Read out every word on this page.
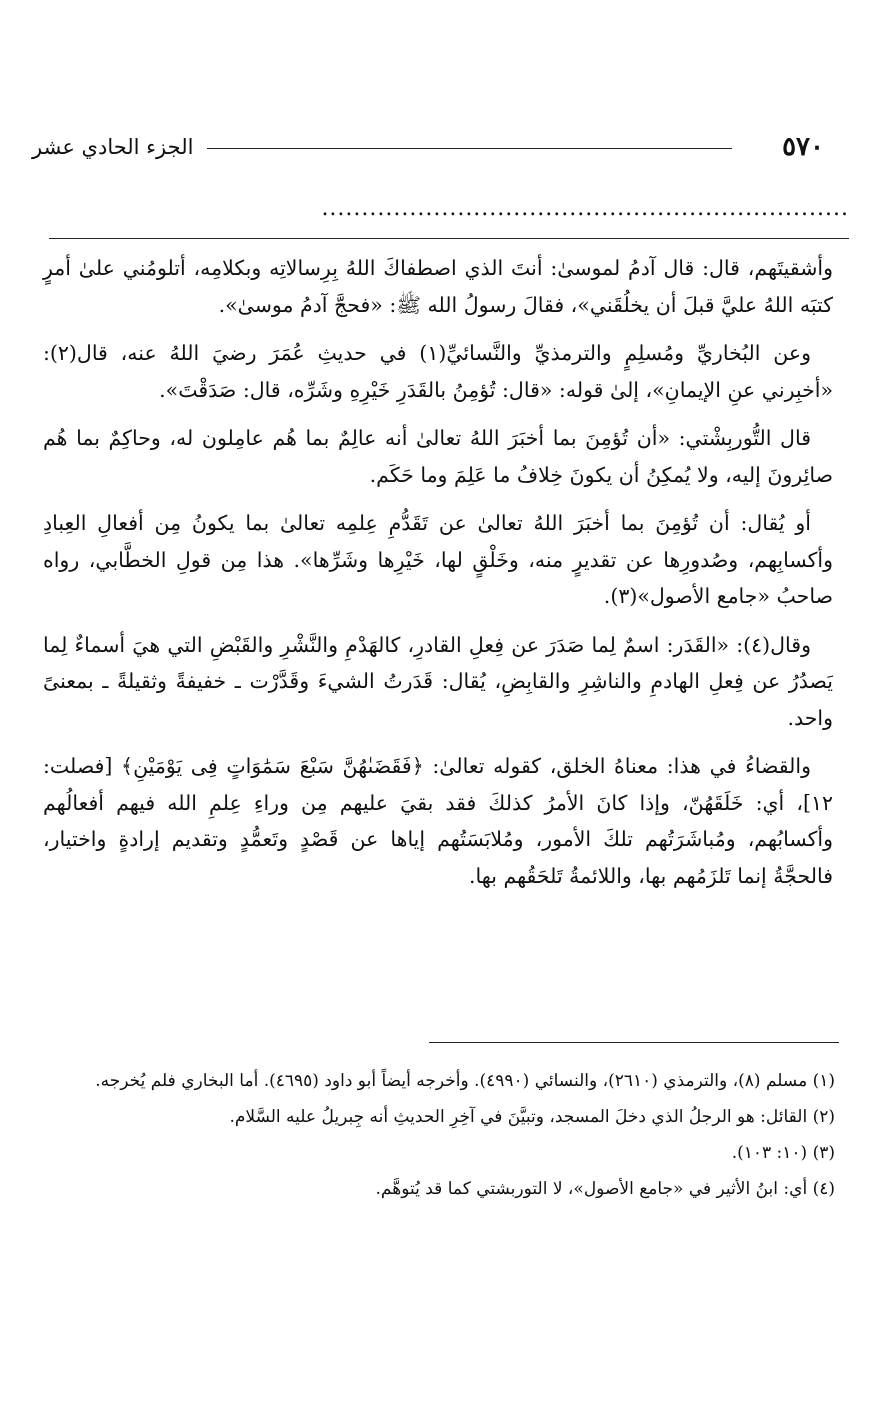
٥٧٠
الجزء الحادي عشر
..................................................................

وأشقيتَهم، قال: قال آدمُ لموسىٰ: أنتَ الذي اصطفاكَ اللهُ بِرِسالاتِه وبكلامِه، أتلومُني علىٰ أمرٍ كتبَه اللهُ عليَّ قبلَ أن يخلُقَني»، فقالَ رسولُ الله ﷺ: «فحجَّ آدمُ موسىٰ».

وعن البُخاريِّ ومُسلِمٍ والترمذيِّ والنَّسائيِّ(١) في حديثِ عُمَرَ رضيَ اللهُ عنه، قال(٢): «أخبِرني عنِ الإيمانِ»، إلىٰ قوله: «قال: تُؤمِنُ بالقَدَرِ خَيْرِهِ وشَرِّه، قال: صَدَقْتَ».

قال التُّوربِشْتي: «أن تُؤمِنَ بما أخبَرَ اللهُ تعالىٰ أنه عالِمٌ بما هُم عامِلون له، وحاكِمٌ بما هُم صائِرونَ إليه، ولا يُمكِنُ أن يكونَ خِلافُ ما عَلِمَ وما حَكَم.

أو يُقال: أن تُؤمِنَ بما أخبَرَ اللهُ تعالىٰ عن تَقَدُّمِ عِلمِه تعالىٰ بما يكونُ مِن أفعالِ العِبادِ وأكسابِهم، وصُدورِها عن تقديرٍ منه، وخَلْقٍ لها، خَيْرِها وشَرِّها». هذا مِن قولِ الخطَّابي، رواه صاحبُ «جامع الأصول»(٣).

وقال(٤): «القَدَر: اسمٌ لِما صَدَرَ عن فِعلِ القادرِ، كالهَدْمِ والنَّشْرِ والقَبْضِ التي هيَ أسماءٌ لِما يَصدُرُ عن فِعلِ الهادمِ والناشِرِ والقابِضِ، يُقال: قَدَرتُ الشيءَ وقَدَّرْت ـ خفيفةً وثقيلةً ـ بمعنىً واحد.

والقضاءُ في هذا: معناهُ الخلق، كقوله تعالىٰ: ﴿فَقَضَىٰهُنَّ سَبْعَ سَمَٰوَاتٍ فِى يَوْمَيْنِ﴾ [فصلت: ١٢]، أي: خَلَقَهُنّ، وإذا كانَ الأمرُ كذلكَ فقد بقيَ عليهم مِن وراءِ عِلمِ الله فيهم أفعالُهم وأكسابُهم، ومُباشَرَتُهم تلكَ الأمور، ومُلابَسَتُهم إياها عن قَصْدٍ وتَعمُّدٍ وتقديم إرادةٍ واختيار، فالحجَّةُ إنما تَلزَمُهم بها، واللائمةُ تَلحَقُهم بها.

(١) مسلم (٨)، والترمذي (٢٦١٠)، والنسائي (٤٩٩٠). وأخرجه أيضاً أبو داود (٤٦٩٥). أما البخاري فلم يُخرجه.

(٢) القائل: هو الرجلُ الذي دخلَ المسجد، وتبيَّنَ في آخِرِ الحديثِ أنه جِبريلُ عليه السَّلام.

(٣) (١٠: ١٠٣).

(٤) أي: ابنُ الأثير في «جامع الأصول»، لا التوربشتي كما قد يُتوهَّم.
